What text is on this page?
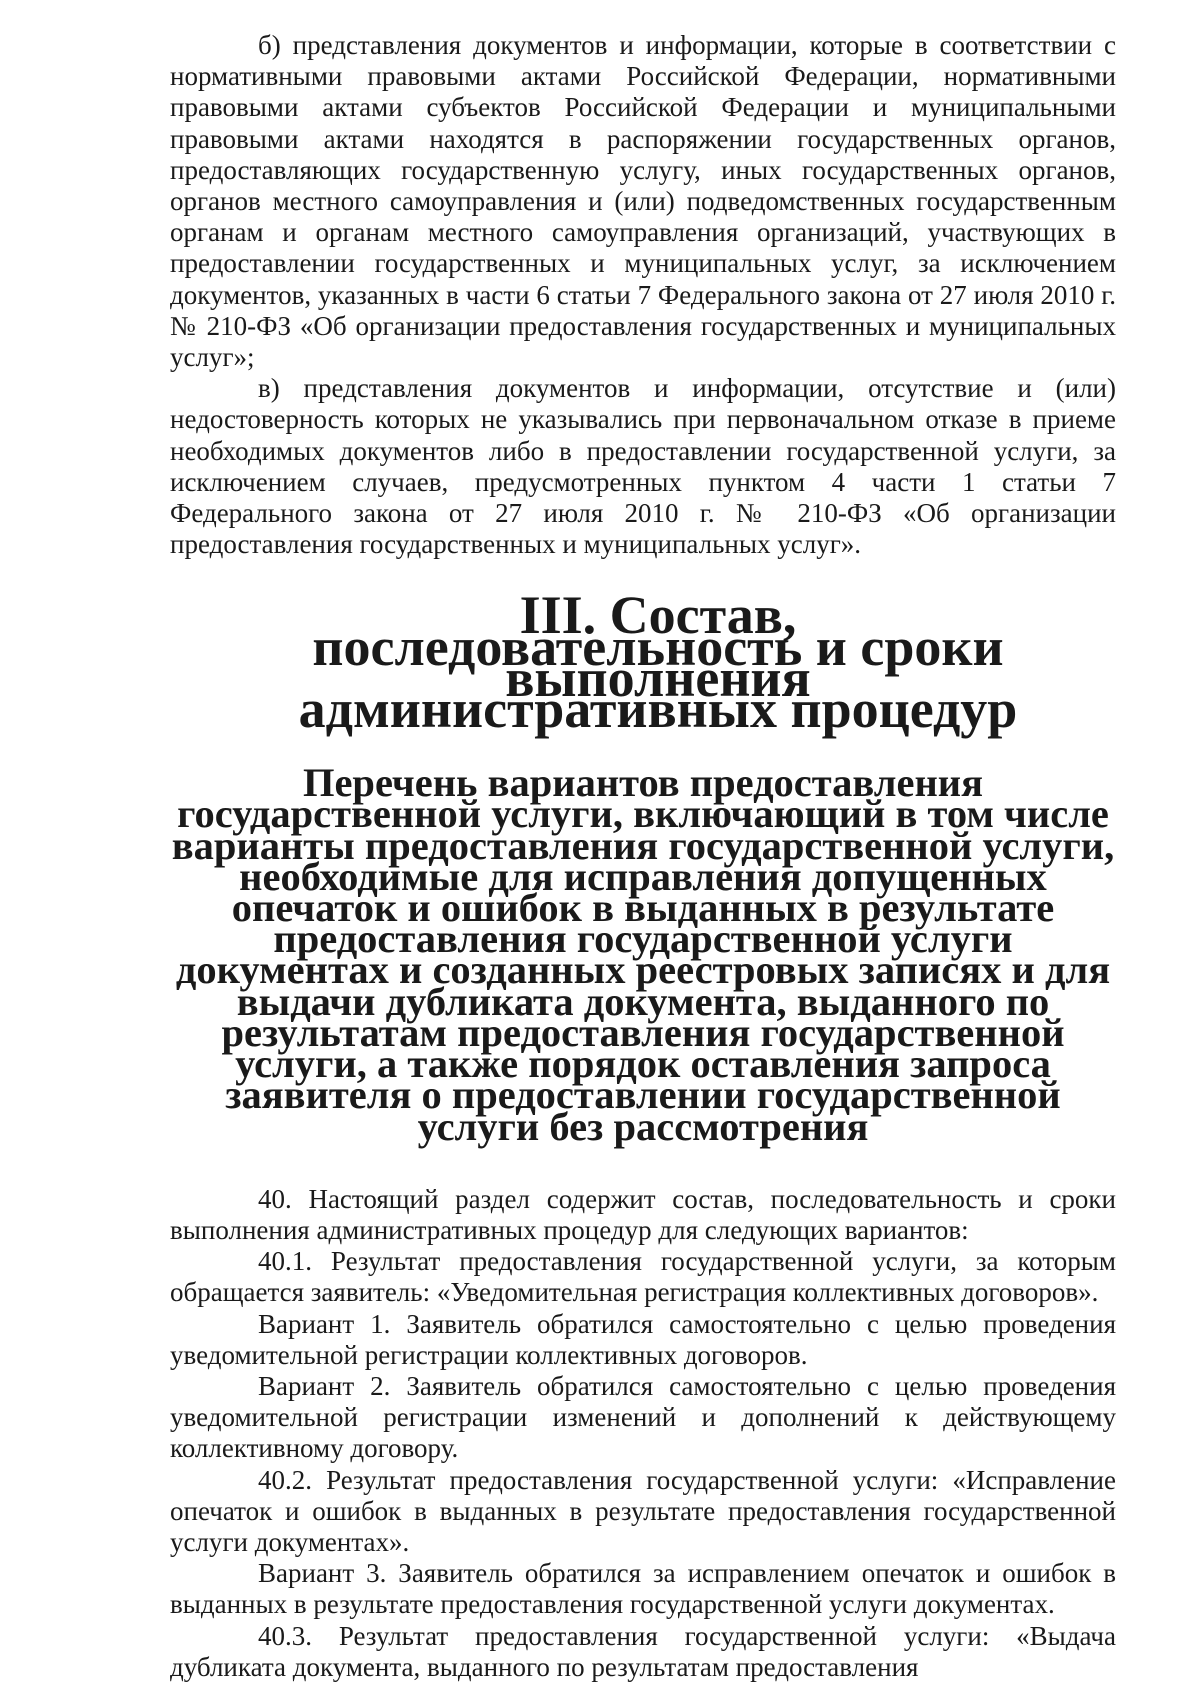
б) представления документов и информации, которые в соответствии с нормативными правовыми актами Российской Федерации, нормативными правовыми актами субъектов Российской Федерации и муниципальными правовыми актами находятся в распоряжении государственных органов, предоставляющих государственную услугу, иных государственных органов, органов местного самоуправления и (или) подведомственных государственным органам и органам местного самоуправления организаций, участвующих в предоставлении государственных и муниципальных услуг, за исключением документов, указанных в части 6 статьи 7 Федерального закона от 27 июля 2010 г. № 210-ФЗ «Об организации предоставления государственных и муниципальных услуг»;

в) представления документов и информации, отсутствие и (или) недостоверность которых не указывались при первоначальном отказе в приеме необходимых документов либо в предоставлении государственной услуги, за исключением случаев, предусмотренных пунктом 4 части 1 статьи 7 Федерального закона от 27 июля 2010 г. № 210-ФЗ «Об организации предоставления государственных и муниципальных услуг».

III. Состав, последовательность и сроки выполнения административных процедур
Перечень вариантов предоставления государственной услуги, включающий в том числе варианты предоставления государственной услуги, необходимые для исправления допущенных опечаток и ошибок в выданных в результате предоставления государственной услуги документах и созданных реестровых записях и для выдачи дубликата документа, выданного по результатам предоставления государственной услуги, а также порядок оставления запроса заявителя о предоставлении государственной услуги без рассмотрения

40. Настоящий раздел содержит состав, последовательность и сроки выполнения административных процедур для следующих вариантов:

40.1. Результат предоставления государственной услуги, за которым обращается заявитель: «Уведомительная регистрация коллективных договоров».

Вариант 1. Заявитель обратился самостоятельно с целью проведения уведомительной регистрации коллективных договоров.

Вариант 2. Заявитель обратился самостоятельно с целью проведения уведомительной регистрации изменений и дополнений к действующему коллективному договору.

40.2. Результат предоставления государственной услуги: «Исправление опечаток и ошибок в выданных в результате предоставления государственной услуги документах».

Вариант 3. Заявитель обратился за исправлением опечаток и ошибок в выданных в результате предоставления государственной услуги документах.

40.3. Результат предоставления государственной услуги: «Выдача дубликата документа, выданного по результатам предоставления
